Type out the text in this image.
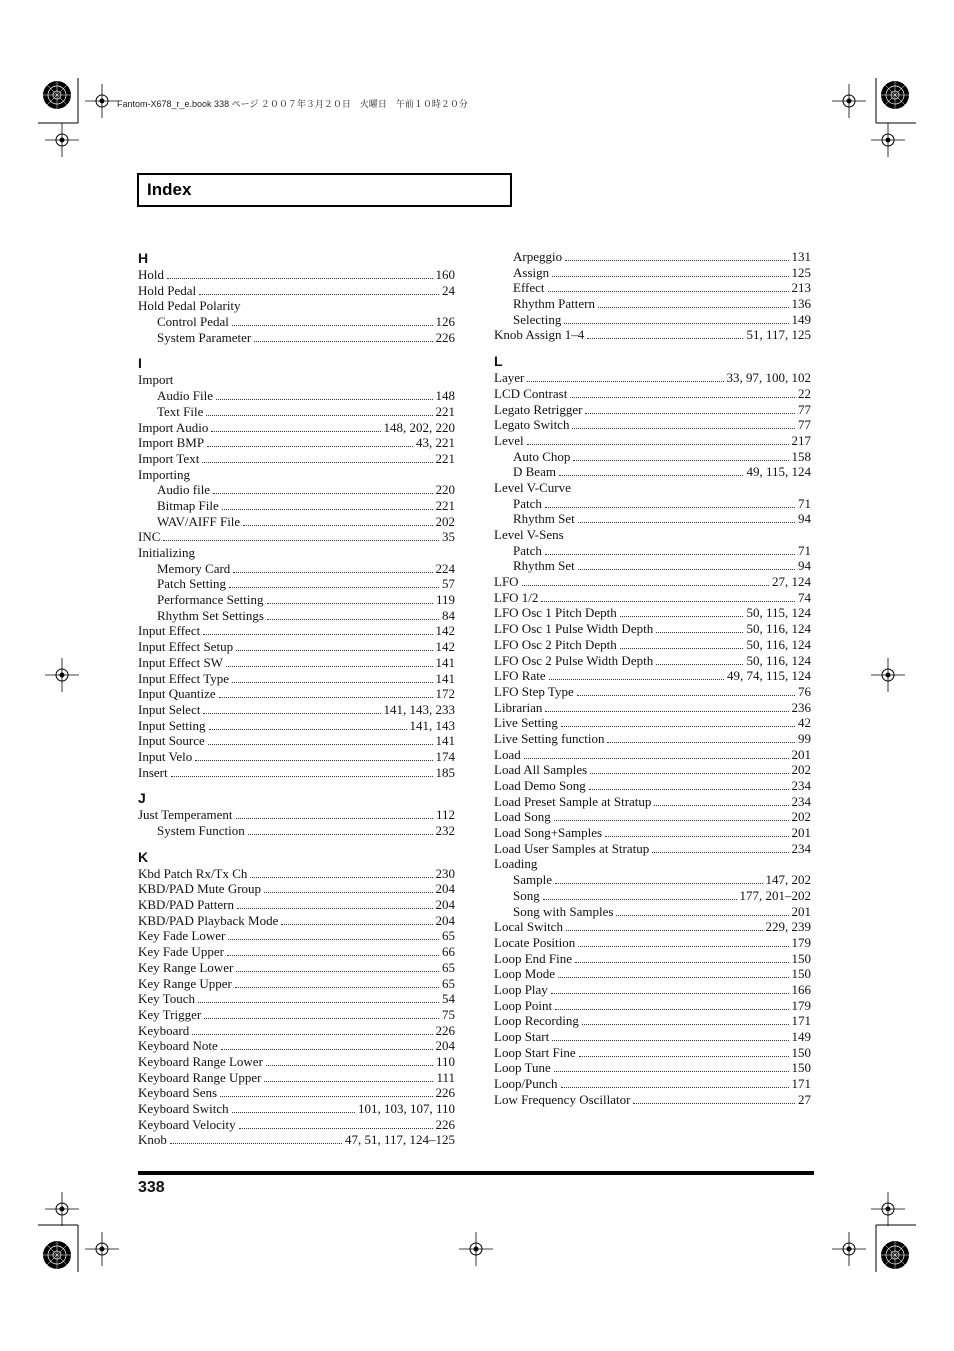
Fantom-X678_r_e.book 338 ページ ２００７年３月２０日　火曜日　午前１０時２０分
Index
H
Hold	160
Hold Pedal	24
Hold Pedal Polarity
Control Pedal	126
System Parameter	226
I
Import
Audio File	148
Text File	221
Import Audio	148, 202, 220
Import BMP	43, 221
Import Text	221
Importing
Audio file	220
Bitmap File	221
WAV/AIFF File	202
INC	35
Initializing
Memory Card	224
Patch Setting	57
Performance Setting	119
Rhythm Set Settings	84
Input Effect	142
Input Effect Setup	142
Input Effect SW	141
Input Effect Type	141
Input Quantize	172
Input Select	141, 143, 233
Input Setting	141, 143
Input Source	141
Input Velo	174
Insert	185
J
Just Temperament	112
System Function	232
K
Kbd Patch Rx/Tx Ch	230
KBD/PAD Mute Group	204
KBD/PAD Pattern	204
KBD/PAD Playback Mode	204
Key Fade Lower	65
Key Fade Upper	66
Key Range Lower	65
Key Range Upper	65
Key Touch	54
Key Trigger	75
Keyboard	226
Keyboard Note	204
Keyboard Range Lower	110
Keyboard Range Upper	111
Keyboard Sens	226
Keyboard Switch	101, 103, 107, 110
Keyboard Velocity	226
Knob	47, 51, 117, 124–125
Arpeggio	131
Assign	125
Effect	213
Rhythm Pattern	136
Selecting	149
Knob Assign 1–4	51, 117, 125
L
Layer	33, 97, 100, 102
LCD Contrast	22
Legato Retrigger	77
Legato Switch	77
Level	217
Auto Chop	158
D Beam	49, 115, 124
Level V-Curve
Patch	71
Rhythm Set	94
Level V-Sens
Patch	71
Rhythm Set	94
LFO	27, 124
LFO 1/2	74
LFO Osc 1 Pitch Depth	50, 115, 124
LFO Osc 1 Pulse Width Depth	50, 116, 124
LFO Osc 2 Pitch Depth	50, 116, 124
LFO Osc 2 Pulse Width Depth	50, 116, 124
LFO Rate	49, 74, 115, 124
LFO Step Type	76
Librarian	236
Live Setting	42
Live Setting function	99
Load	201
Load All Samples	202
Load Demo Song	234
Load Preset Sample at Stratup	234
Load Song	202
Load Song+Samples	201
Load User Samples at Stratup	234
Loading
Sample	147, 202
Song	177, 201–202
Song with Samples	201
Local Switch	229, 239
Locate Position	179
Loop End Fine	150
Loop Mode	150
Loop Play	166
Loop Point	179
Loop Recording	171
Loop Start	149
Loop Start Fine	150
Loop Tune	150
Loop/Punch	171
Low Frequency Oscillator	27
338
